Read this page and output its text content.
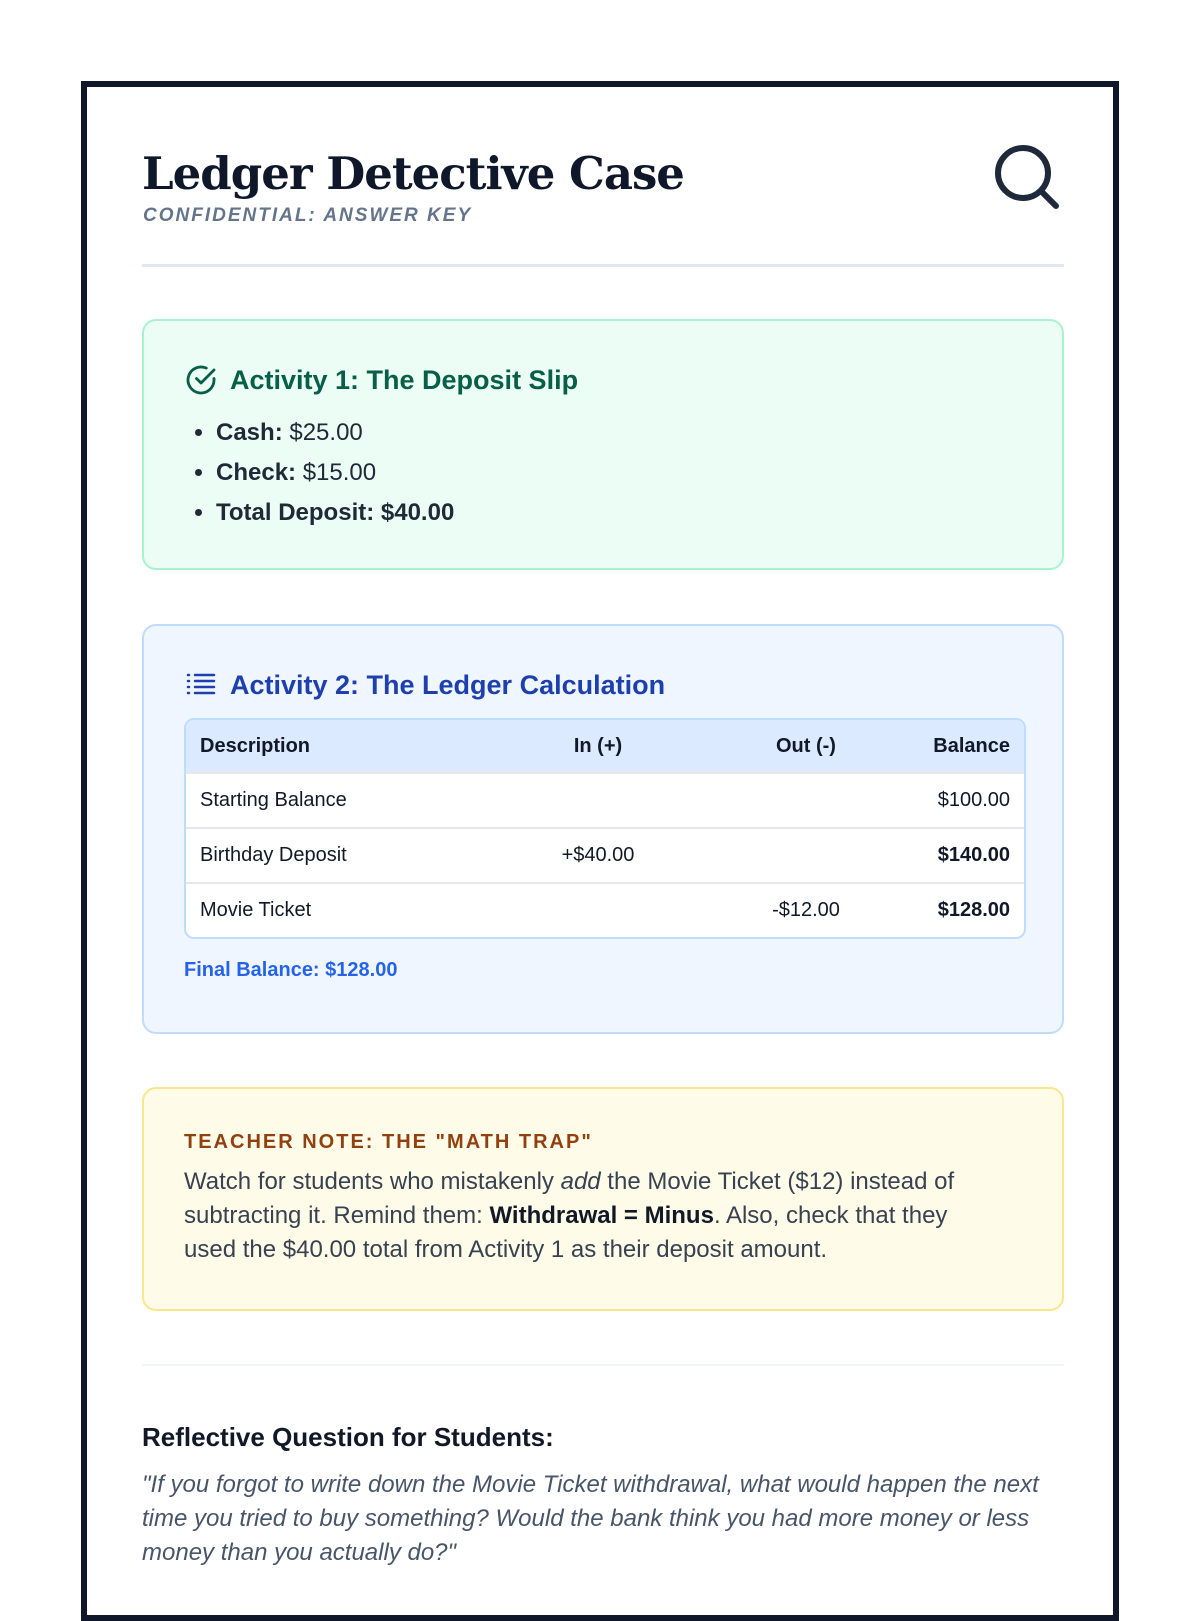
Ledger Detective Case
CONFIDENTIAL: ANSWER KEY
Activity 1: The Deposit Slip
• Cash: $25.00
• Check: $15.00
• Total Deposit: $40.00
Activity 2: The Ledger Calculation
Description	In (+)	Out (-)	Balance
Starting Balance			$100.00
Birthday Deposit	+$40.00		$140.00
Movie Ticket		-$12.00	$128.00
Final Balance: $128.00
TEACHER NOTE: THE "MATH TRAP"
Watch for students who mistakenly add the Movie Ticket ($12) instead of subtracting it. Remind them: Withdrawal = Minus. Also, check that they used the $40.00 total from Activity 1 as their deposit amount.
Reflective Question for Students:

"If you forgot to write down the Movie Ticket withdrawal, what would happen the next time you tried to buy something? Would the bank think you had more money or less money than you actually do?"
